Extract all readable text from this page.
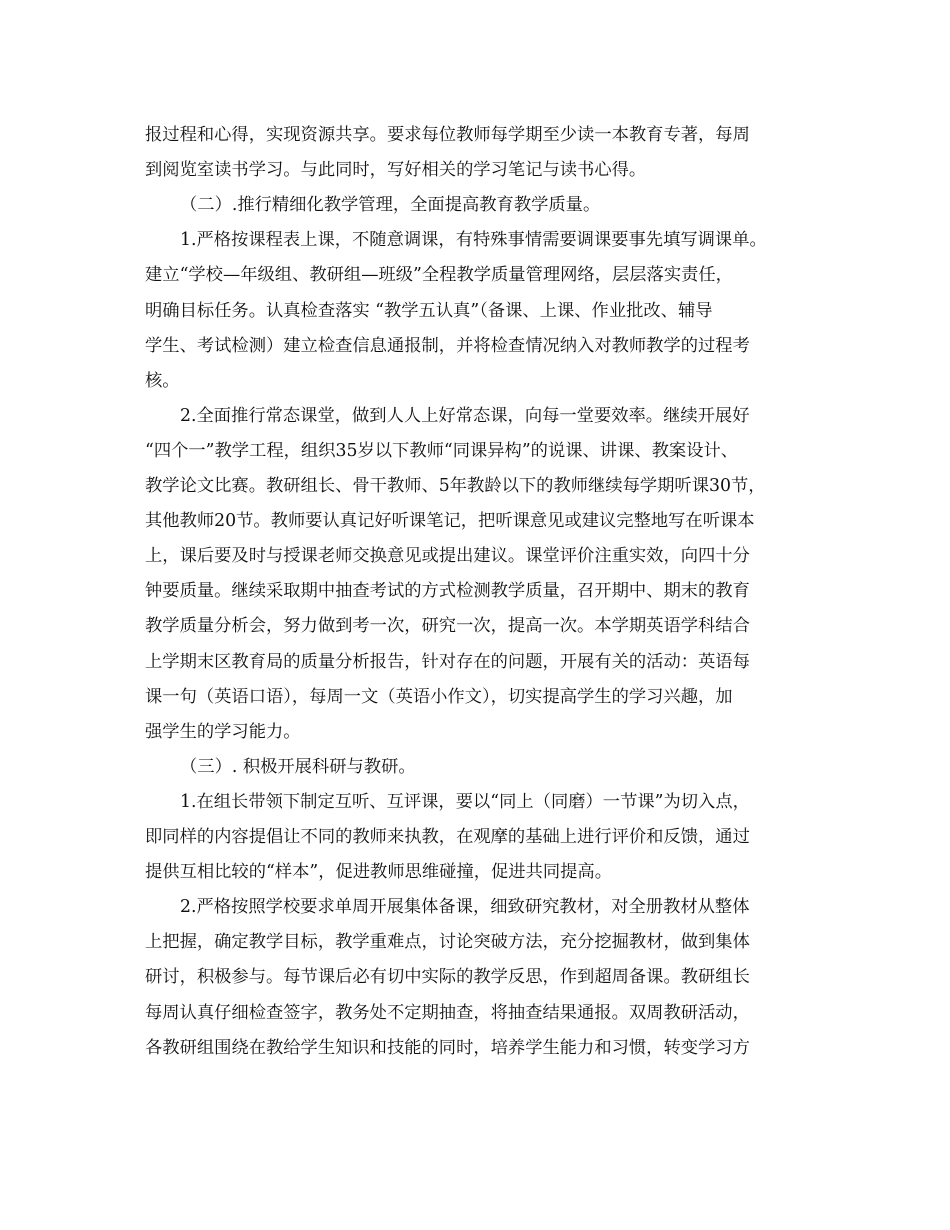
报过程和心得，实现资源共享。要求每位教师每学期至少读一本教育专著，每周
到阅览室读书学习。与此同时，写好相关的学习笔记与读书心得。
（二）.推行精细化教学管理，全面提高教育教学质量。
1.严格按课程表上课，不随意调课，有特殊事情需要调课要事先填写调课单。
建立“学校—年级组、教研组—班级”全程教学质量管理网络，层层落实责任，
明确目标任务。认真检查落实 “教学五认真”（备课、上课、作业批改、辅导
学生、考试检测）建立检查信息通报制，并将检查情况纳入对教师教学的过程考
核。
2.全面推行常态课堂，做到人人上好常态课，向每一堂要效率。继续开展好
“四个一”教学工程，组织35岁以下教师“同课异构”的说课、讲课、教案设计、
教学论文比赛。教研组长、骨干教师、5年教龄以下的教师继续每学期听课30节，
其他教师20节。教师要认真记好听课笔记，把听课意见或建议完整地写在听课本
上，课后要及时与授课老师交换意见或提出建议。课堂评价注重实效，向四十分
钟要质量。继续采取期中抽查考试的方式检测教学质量，召开期中、期末的教育
教学质量分析会，努力做到考一次，研究一次，提高一次。本学期英语学科结合
上学期末区教育局的质量分析报告，针对存在的问题，开展有关的活动：英语每
课一句（英语口语），每周一文（英语小作文），切实提高学生的学习兴趣，加
强学生的学习能力。
（三）. 积极开展科研与教研。
1.在组长带领下制定互听、互评课，要以“同上（同磨）一节课”为切入点，
即同样的内容提倡让不同的教师来执教，在观摩的基础上进行评价和反馈，通过
提供互相比较的“样本”，促进教师思维碰撞，促进共同提高。
2.严格按照学校要求单周开展集体备课，细致研究教材，对全册教材从整体
上把握，确定教学目标，教学重难点，讨论突破方法，充分挖掘教材，做到集体
研讨，积极参与。每节课后必有切中实际的教学反思，作到超周备课。教研组长
每周认真仔细检查签字，教务处不定期抽查，将抽查结果通报。双周教研活动，
各教研组围绕在教给学生知识和技能的同时，培养学生能力和习惯，转变学习方
